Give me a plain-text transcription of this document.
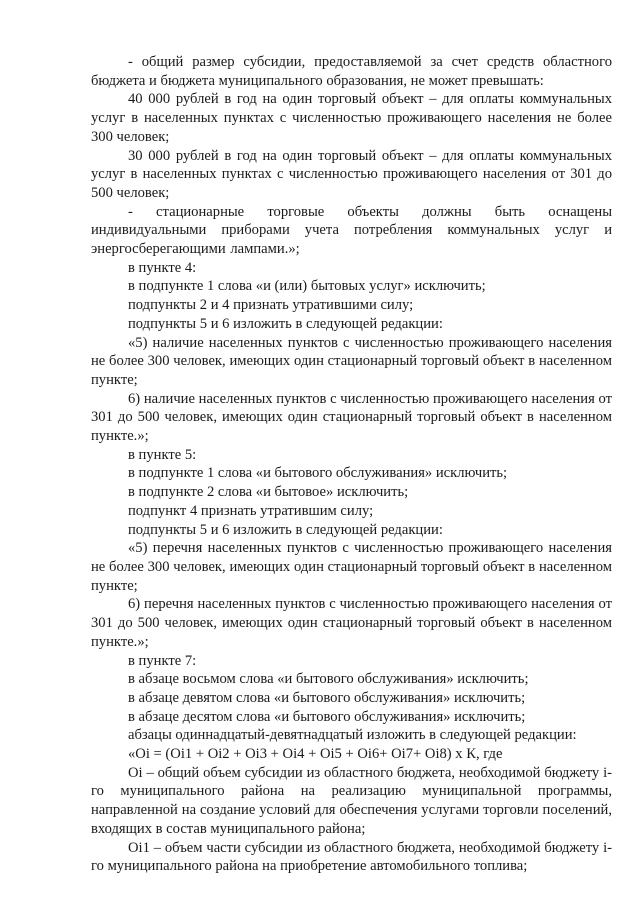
- общий размер субсидии, предоставляемой за счет средств областного бюджета и бюджета муниципального образования, не может превышать:

40 000 рублей в год на один торговый объект – для оплаты коммунальных услуг в населенных пунктах с численностью проживающего населения не более 300 человек;

30 000 рублей в год на один торговый объект – для оплаты коммунальных услуг в населенных пунктах с численностью проживающего населения от 301 до 500 человек;

- стационарные торговые объекты должны быть оснащены индивидуальными приборами учета потребления коммунальных услуг и энергосберегающими лампами.»;

в пункте 4:

в подпункте 1 слова «и (или) бытовых услуг» исключить;

подпункты 2 и 4 признать утратившими силу;

подпункты 5 и 6 изложить в следующей редакции:

«5) наличие населенных пунктов с численностью проживающего населения не более 300 человек, имеющих один стационарный торговый объект в населенном пункте;

6) наличие населенных пунктов с численностью проживающего населения от 301 до 500 человек, имеющих один стационарный торговый объект в населенном пункте.»;

в пункте 5:

в подпункте 1 слова «и бытового обслуживания» исключить;

в подпункте 2 слова «и бытовое» исключить;

подпункт 4 признать утратившим силу;

подпункты 5 и 6 изложить в следующей редакции:

«5) перечня населенных пунктов с численностью проживающего населения не более 300 человек, имеющих один стационарный торговый объект в населенном пункте;

6) перечня населенных пунктов с численностью проживающего населения от 301 до 500 человек, имеющих один стационарный торговый объект в населенном пункте.»;

в пункте 7:

в абзаце восьмом слова «и бытового обслуживания» исключить;

в абзаце девятом слова «и бытового обслуживания» исключить;

в абзаце десятом слова «и бытового обслуживания» исключить;

абзацы одиннадцатый-девятнадцатый изложить в следующей редакции:

«Oi = (Oi1 + Oi2 + Oi3 + Oi4 + Oi5 + Oi6+ Oi7+ Oi8) х К, где

Oi – общий объем субсидии из областного бюджета, необходимой бюджету i-го муниципального района на реализацию муниципальной программы, направленной на создание условий для обеспечения услугами торговли поселений, входящих в состав муниципального района;

Oi1 – объем части субсидии из областного бюджета, необходимой бюджету i-го муниципального района на приобретение автомобильного топлива;
